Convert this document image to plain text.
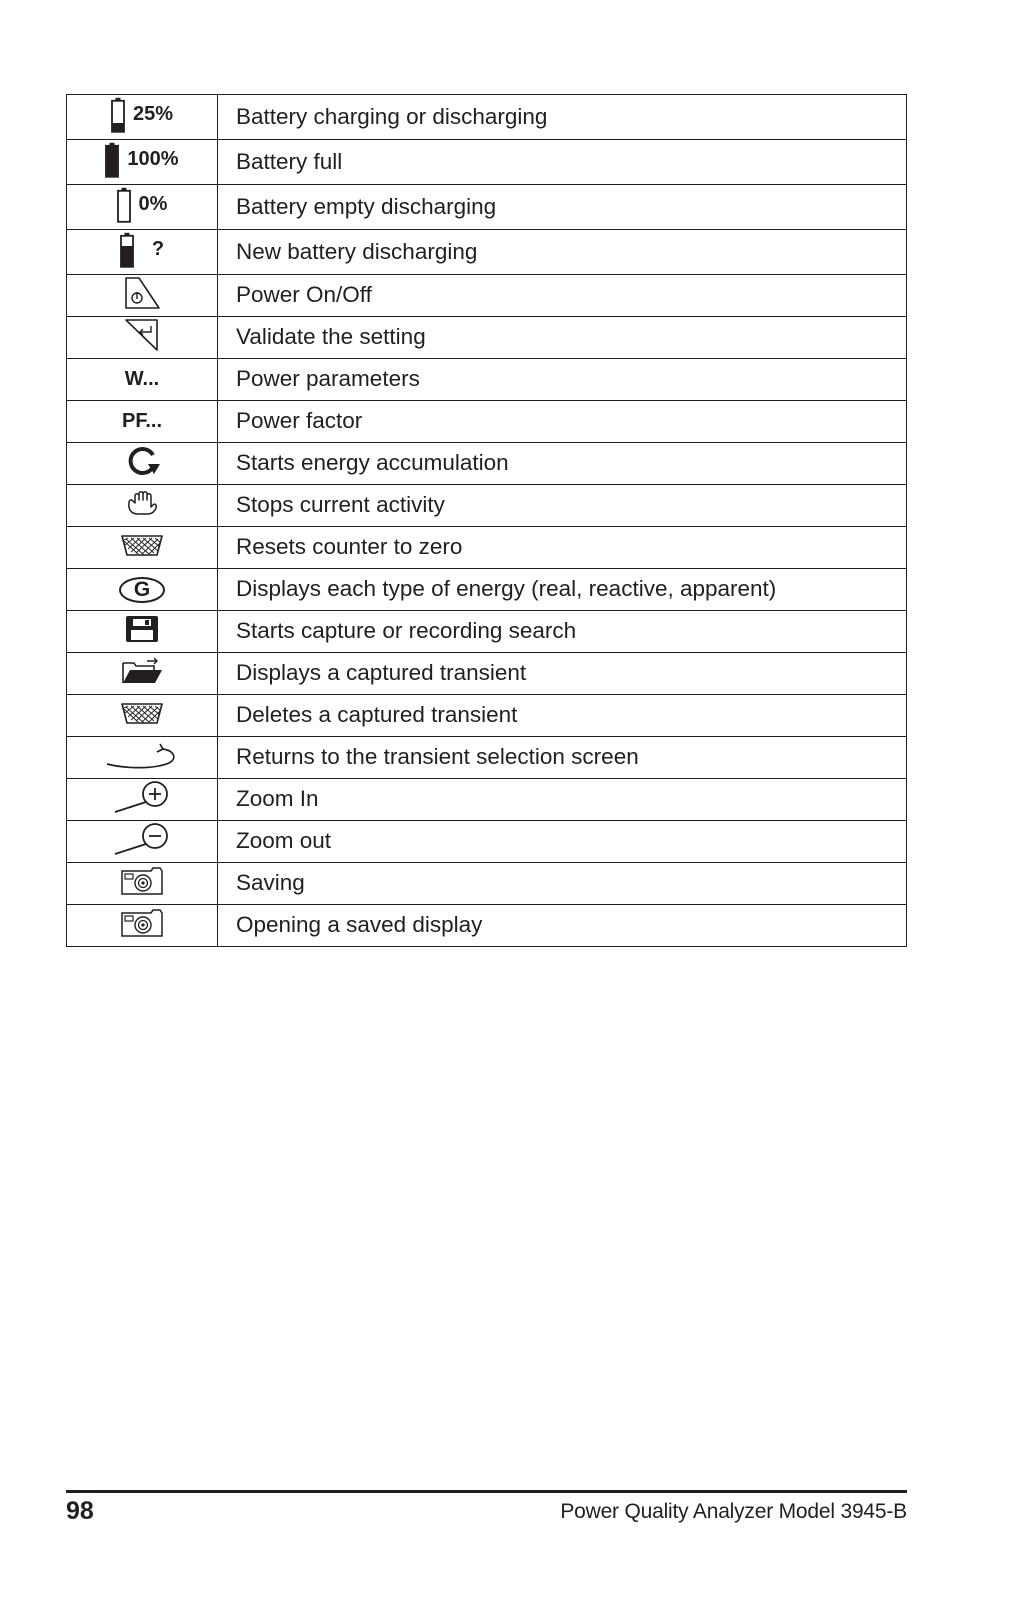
25%	Battery charging or discharging

100%	Battery full

0%	Battery empty discharging

?	New battery discharging

	Power On/Off

	Validate the setting
W...	Power parameters
PF...	Power factor

	Starts energy accumulation

	Stops current activity

	Resets counter to zero

G	Displays each type of energy (real, reactive, apparent)

	Starts capture or recording search

	Displays a captured transient

	Deletes a captured transient

	Returns to the transient selection screen

	Zoom In

	Zoom out

	Saving

	Opening a saved display
98	Power Quality Analyzer Model 3945-B
